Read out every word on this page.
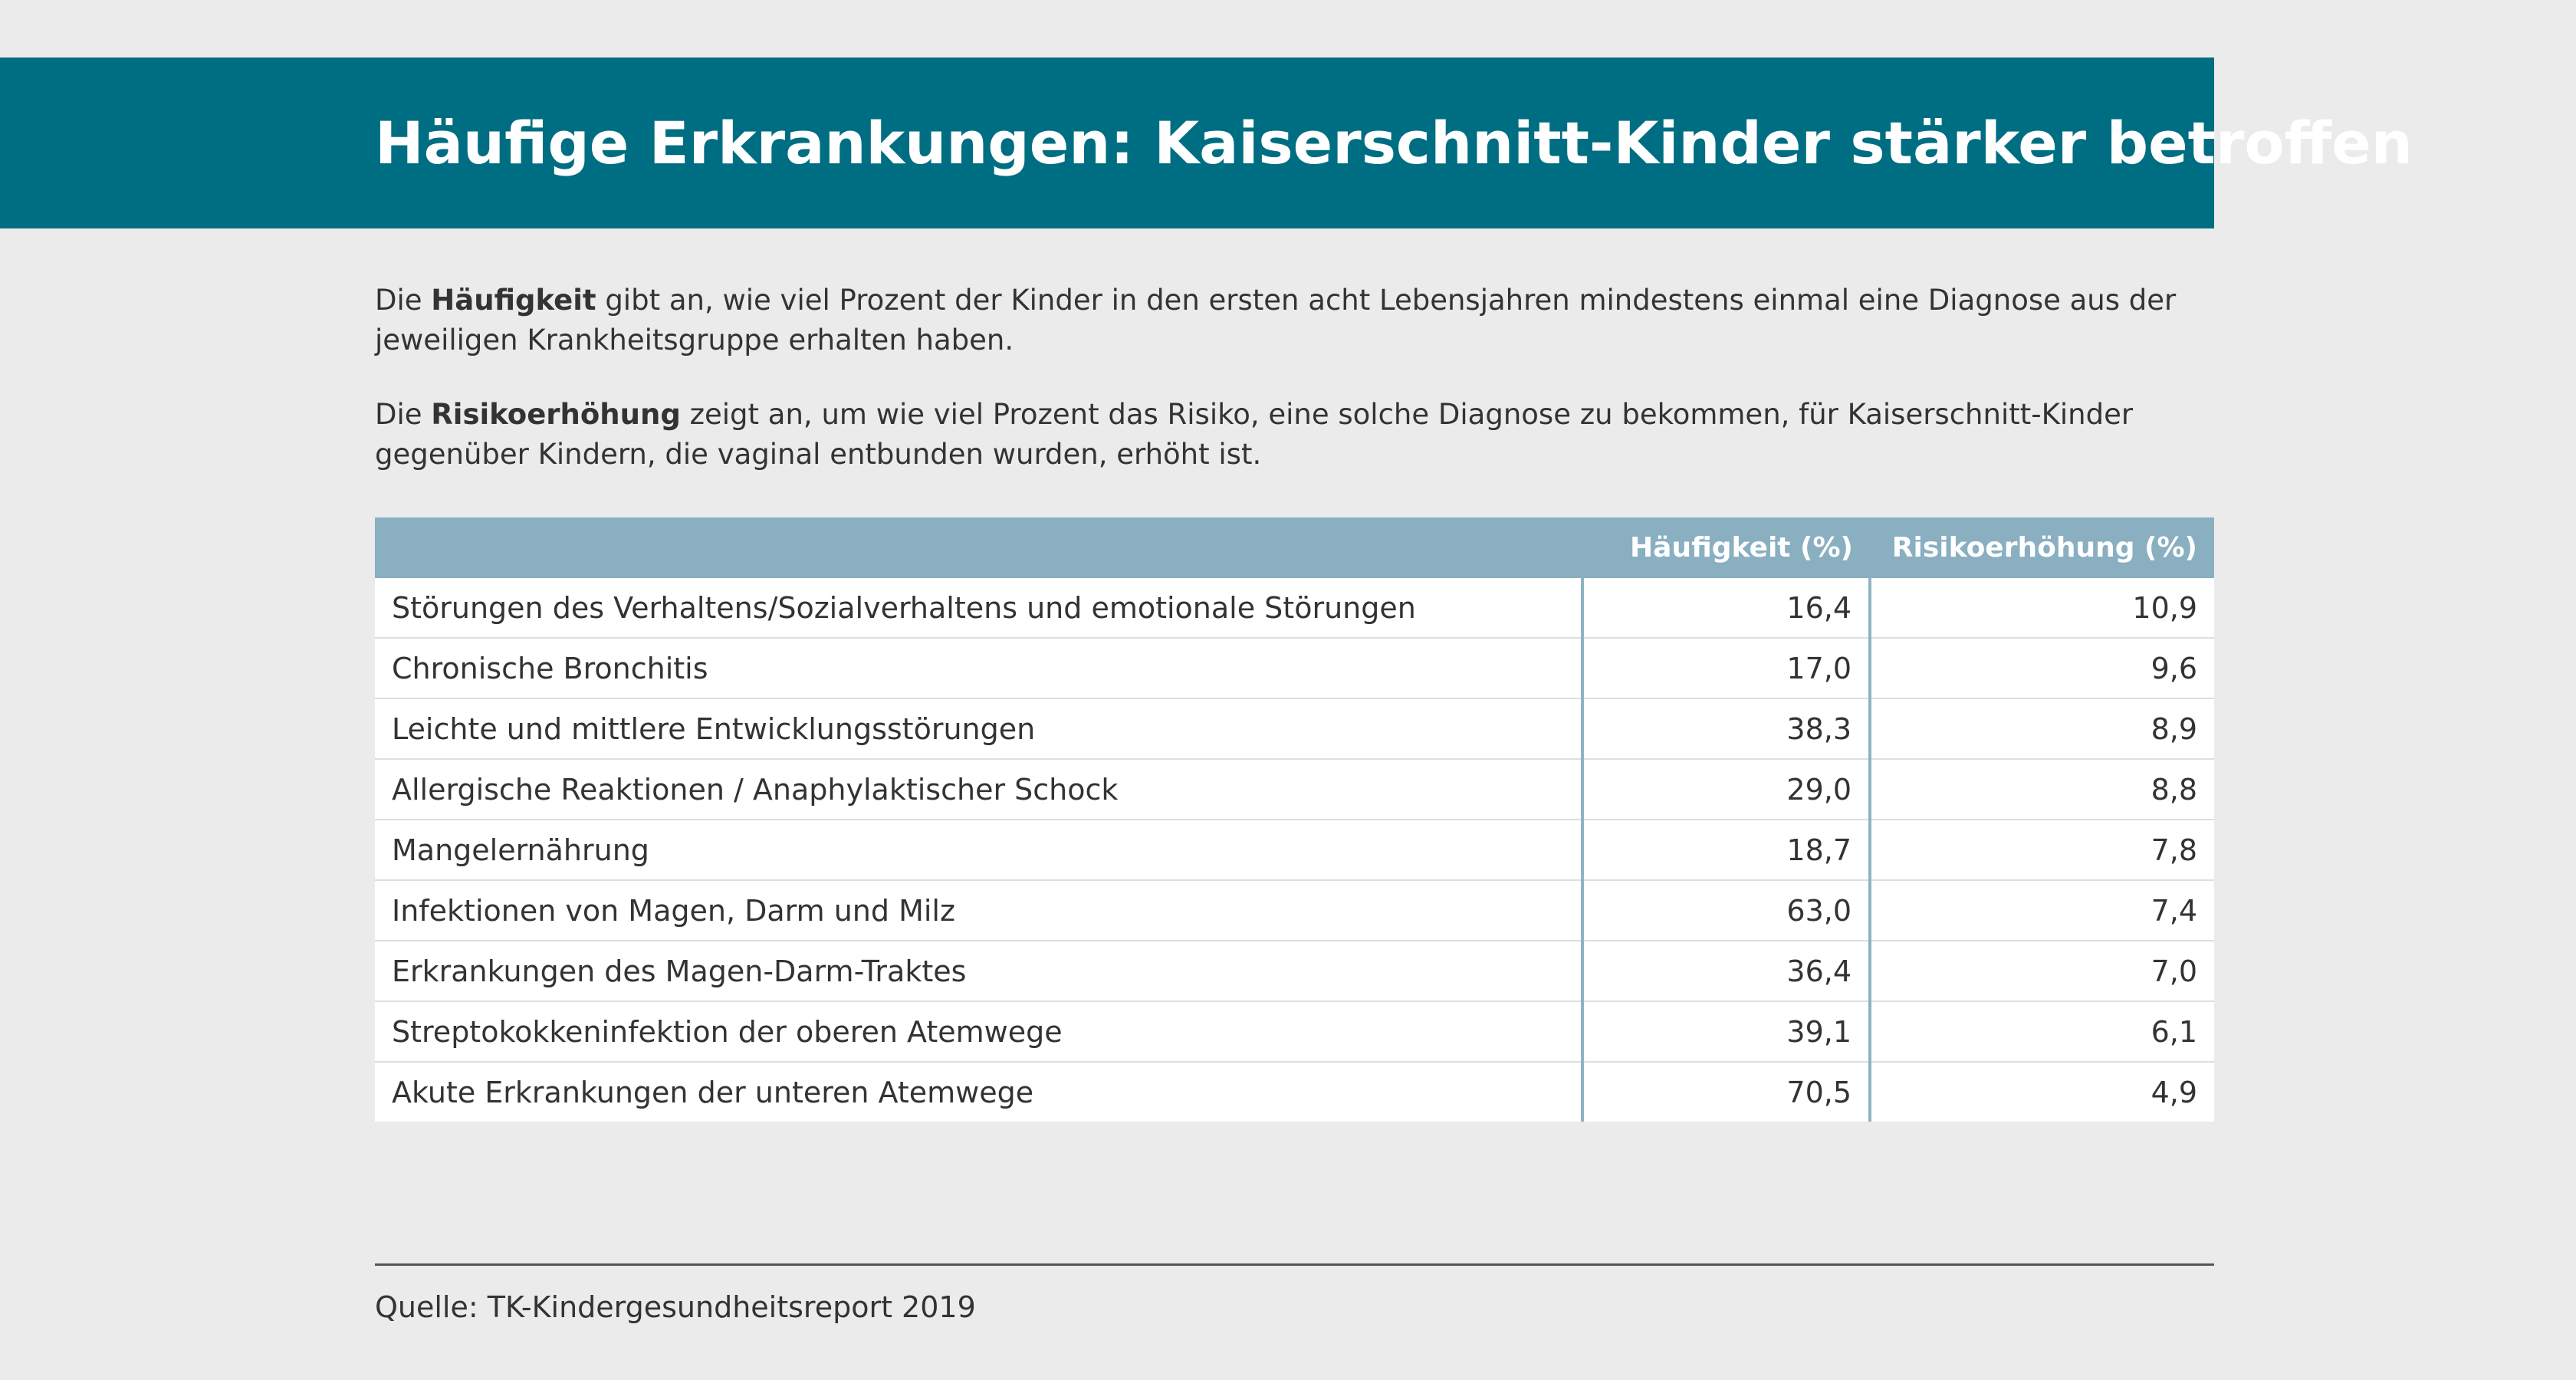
Häufige Erkrankungen: Kaiserschnitt-Kinder stärker betroffen

Die Häufigkeit gibt an, wie viel Prozent der Kinder in den ersten acht Lebensjahren mindestens einmal eine Diagnose aus der jeweiligen Krankheitsgruppe erhalten haben.

Die Risikoerhöhung zeigt an, um wie viel Prozent das Risiko, eine solche Diagnose zu bekommen, für Kaiserschnitt-Kinder gegenüber Kindern, die vaginal entbunden wurden, erhöht ist.

	Häufigkeit (%)	Risikoerhöhung (%)
Störungen des Verhaltens/Sozialverhaltens und emotionale Störungen	16,4	10,9
Chronische Bronchitis	17,0	9,6
Leichte und mittlere Entwicklungsstörungen	38,3	8,9
Allergische Reaktionen / Anaphylaktischer Schock	29,0	8,8
Mangelernährung	18,7	7,8
Infektionen von Magen, Darm und Milz	63,0	7,4
Erkrankungen des Magen-Darm-Traktes	36,4	7,0
Streptokokkeninfektion der oberen Atemwege	39,1	6,1
Akute Erkrankungen der unteren Atemwege	70,5	4,9

Quelle: TK-Kindergesundheitsreport 2019
